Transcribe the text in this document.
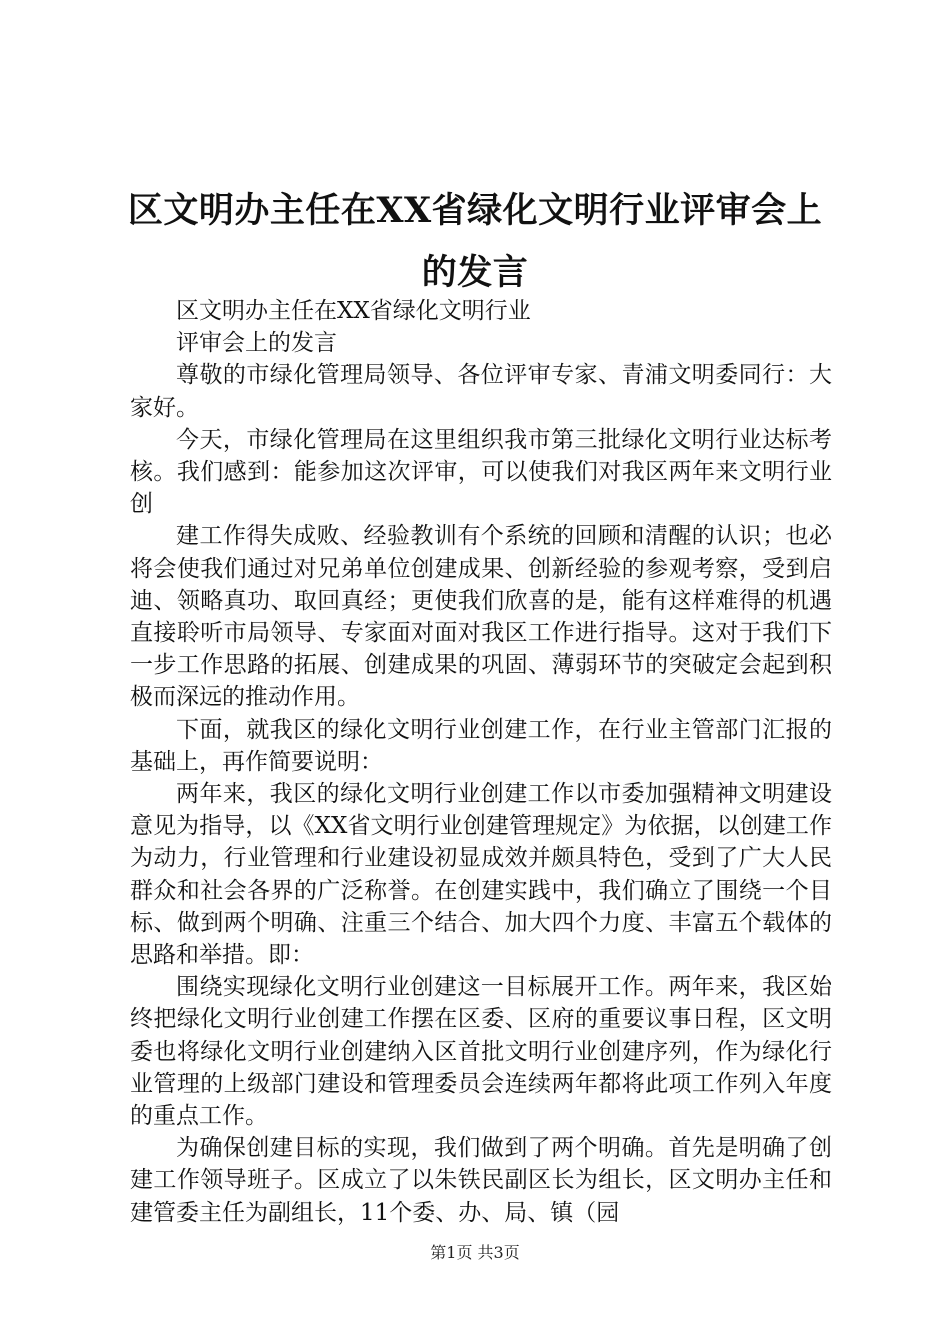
区文明办主任在XX省绿化文明行业评审会上
的发言

区文明办主任在XX省绿化文明行业

评审会上的发言

尊敬的市绿化管理局领导、各位评审专家、青浦文明委同行：大家好。

今天，市绿化管理局在这里组织我市第三批绿化文明行业达标考核。我们感到：能参加这次评审，可以使我们对我区两年来文明行业创

建工作得失成败、经验教训有个系统的回顾和清醒的认识；也必将会使我们通过对兄弟单位创建成果、创新经验的参观考察，受到启迪、领略真功、取回真经；更使我们欣喜的是，能有这样难得的机遇直接聆听市局领导、专家面对面对我区工作进行指导。这对于我们下一步工作思路的拓展、创建成果的巩固、薄弱环节的突破定会起到积极而深远的推动作用。

下面，就我区的绿化文明行业创建工作，在行业主管部门汇报的基础上，再作简要说明：

两年来，我区的绿化文明行业创建工作以市委加强精神文明建设意见为指导，以《XX省文明行业创建管理规定》为依据，以创建工作为动力，行业管理和行业建设初显成效并颇具特色，受到了广大人民群众和社会各界的广泛称誉。在创建实践中，我们确立了围绕一个目标、做到两个明确、注重三个结合、加大四个力度、丰富五个载体的思路和举措。即：

围绕实现绿化文明行业创建这一目标展开工作。两年来，我区始终把绿化文明行业创建工作摆在区委、区府的重要议事日程，区文明委也将绿化文明行业创建纳入区首批文明行业创建序列，作为绿化行业管理的上级部门建设和管理委员会连续两年都将此项工作列入年度的重点工作。

为确保创建目标的实现，我们做到了两个明确。首先是明确了创建工作领导班子。区成立了以朱铁民副区长为组长，区文明办主任和建管委主任为副组长，11个委、办、局、镇（园

第1页 共3页
